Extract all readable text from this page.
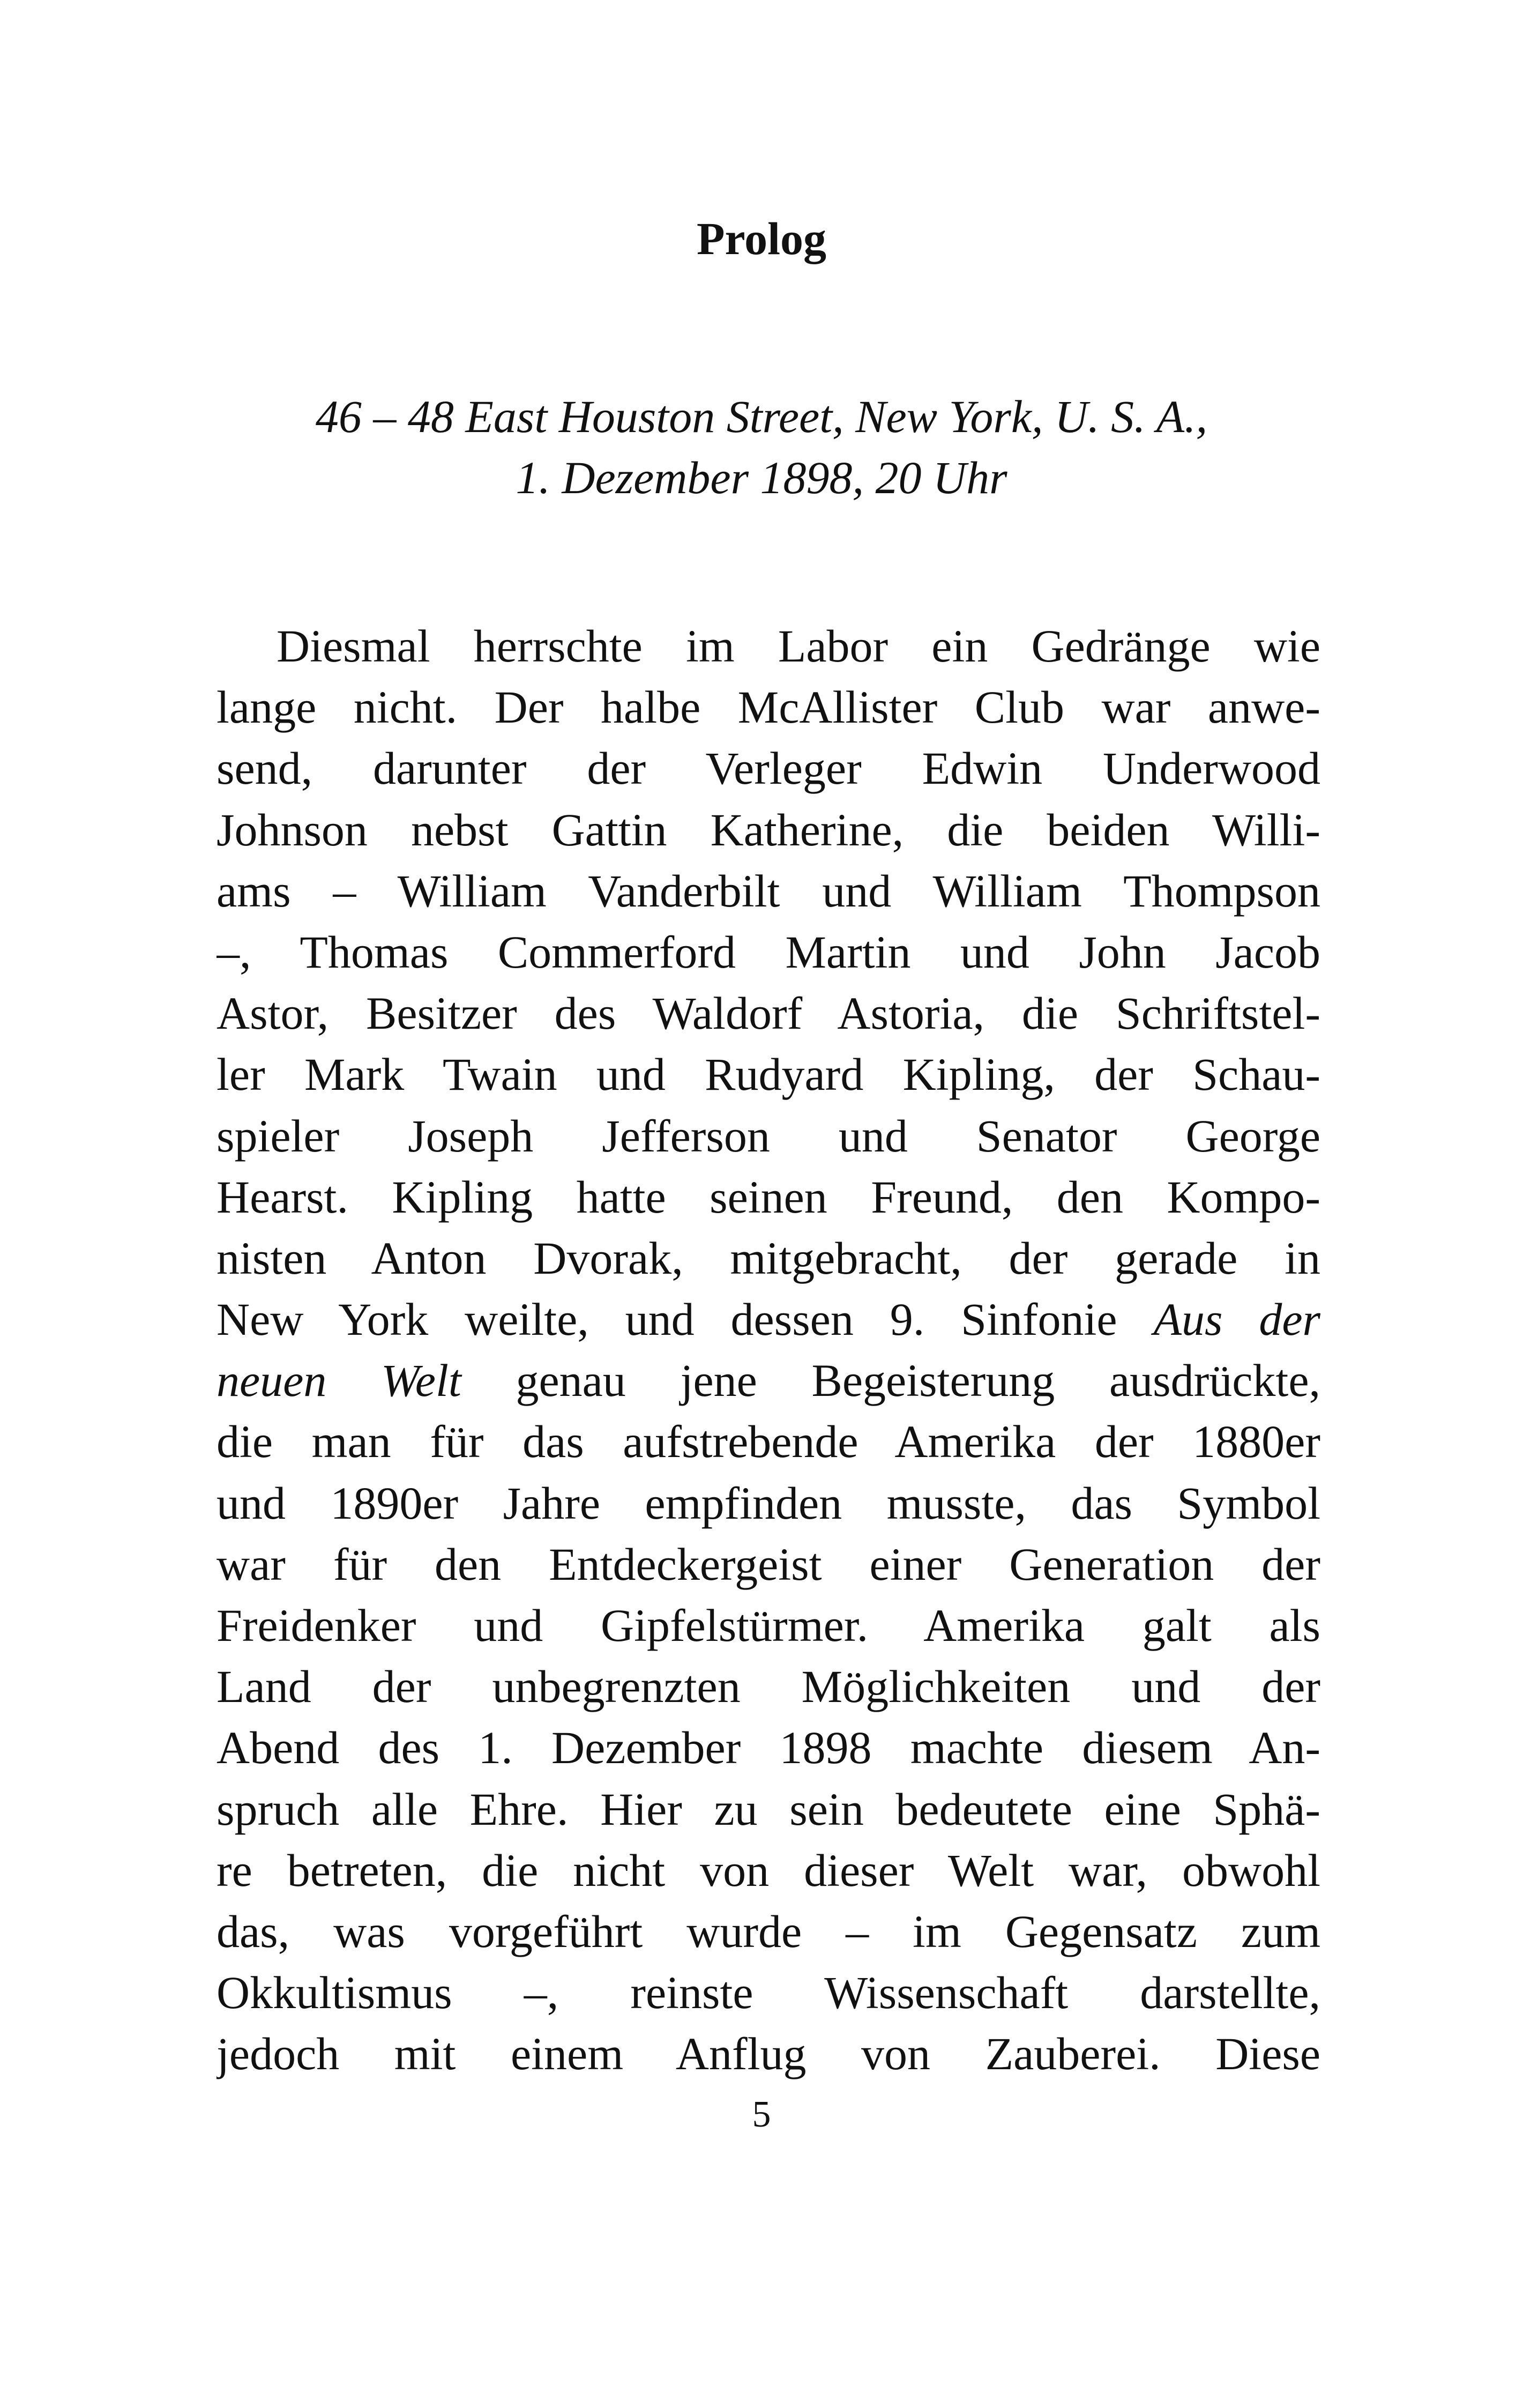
Prolog
46 – 48 East Houston Street, New York, U. S. A.,
1. Dezember 1898, 20 Uhr
Diesmal herrschte im Labor ein Gedränge wie
lange nicht. Der halbe McAllister Club war anwe-
send, darunter der Verleger Edwin Underwood
Johnson nebst Gattin Katherine, die beiden Willi-
ams – William Vanderbilt und William Thompson
–, Thomas Commerford Martin und John Jacob
Astor, Besitzer des Waldorf Astoria, die Schriftstel-
ler Mark Twain und Rudyard Kipling, der Schau-
spieler Joseph Jefferson und Senator George
Hearst. Kipling hatte seinen Freund, den Kompo-
nisten Anton Dvorak, mitgebracht, der gerade in
New York weilte, und dessen 9. Sinfonie Aus der
neuen Welt genau jene Begeisterung ausdrückte,
die man für das aufstrebende Amerika der 1880er
und 1890er Jahre empfinden musste, das Symbol
war für den Entdeckergeist einer Generation der
Freidenker und Gipfelstürmer. Amerika galt als
Land der unbegrenzten Möglichkeiten und der
Abend des 1. Dezember 1898 machte diesem An-
spruch alle Ehre. Hier zu sein bedeutete eine Sphä-
re betreten, die nicht von dieser Welt war, obwohl
das, was vorgeführt wurde – im Gegensatz zum
Okkultismus –, reinste Wissenschaft darstellte,
jedoch mit einem Anflug von Zauberei. Diese
5
